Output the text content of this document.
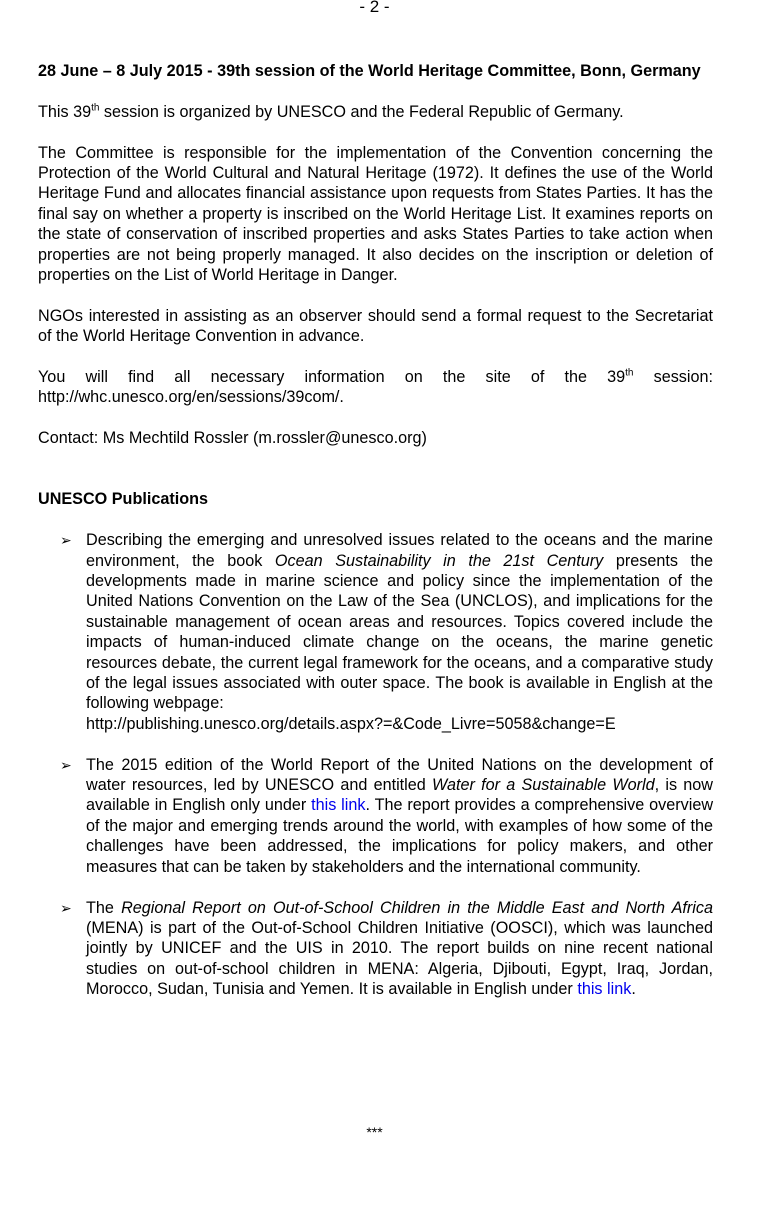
- 2 -

28 June – 8 July 2015 - 39th session of the World Heritage Committee, Bonn, Germany

This 39th session is organized by UNESCO and the Federal Republic of Germany.

The Committee is responsible for the implementation of the Convention concerning the Protection of the World Cultural and Natural Heritage (1972). It defines the use of the World Heritage Fund and allocates financial assistance upon requests from States Parties. It has the final say on whether a property is inscribed on the World Heritage List. It examines reports on the state of conservation of inscribed properties and asks States Parties to take action when properties are not being properly managed. It also decides on the inscription or deletion of properties on the List of World Heritage in Danger.

NGOs interested in assisting as an observer should send a formal request to the Secretariat of the World Heritage Convention in advance.

You will find all necessary information on the site of the 39th session: http://whc.unesco.org/en/sessions/39com/.

Contact: Ms Mechtild Rossler (m.rossler@unesco.org)

UNESCO Publications

➢ Describing the emerging and unresolved issues related to the oceans and the marine environment, the book Ocean Sustainability in the 21st Century presents the developments made in marine science and policy since the implementation of the United Nations Convention on the Law of the Sea (UNCLOS), and implications for the sustainable management of ocean areas and resources. Topics covered include the impacts of human-induced climate change on the oceans, the marine genetic resources debate, the current legal framework for the oceans, and a comparative study of the legal issues associated with outer space. The book is available in English at the following webpage:
http://publishing.unesco.org/details.aspx?=&Code_Livre=5058&change=E
➢ The 2015 edition of the World Report of the United Nations on the development of water resources, led by UNESCO and entitled Water for a Sustainable World, is now available in English only under this link. The report provides a comprehensive overview of the major and emerging trends around the world, with examples of how some of the challenges have been addressed, the implications for policy makers, and other measures that can be taken by stakeholders and the international community.
➢ The Regional Report on Out-of-School Children in the Middle East and North Africa (MENA) is part of the Out-of-School Children Initiative (OOSCI), which was launched jointly by UNICEF and the UIS in 2010. The report builds on nine recent national studies on out-of-school children in MENA: Algeria, Djibouti, Egypt, Iraq, Jordan, Morocco, Sudan, Tunisia and Yemen. It is available in English under this link.
***
